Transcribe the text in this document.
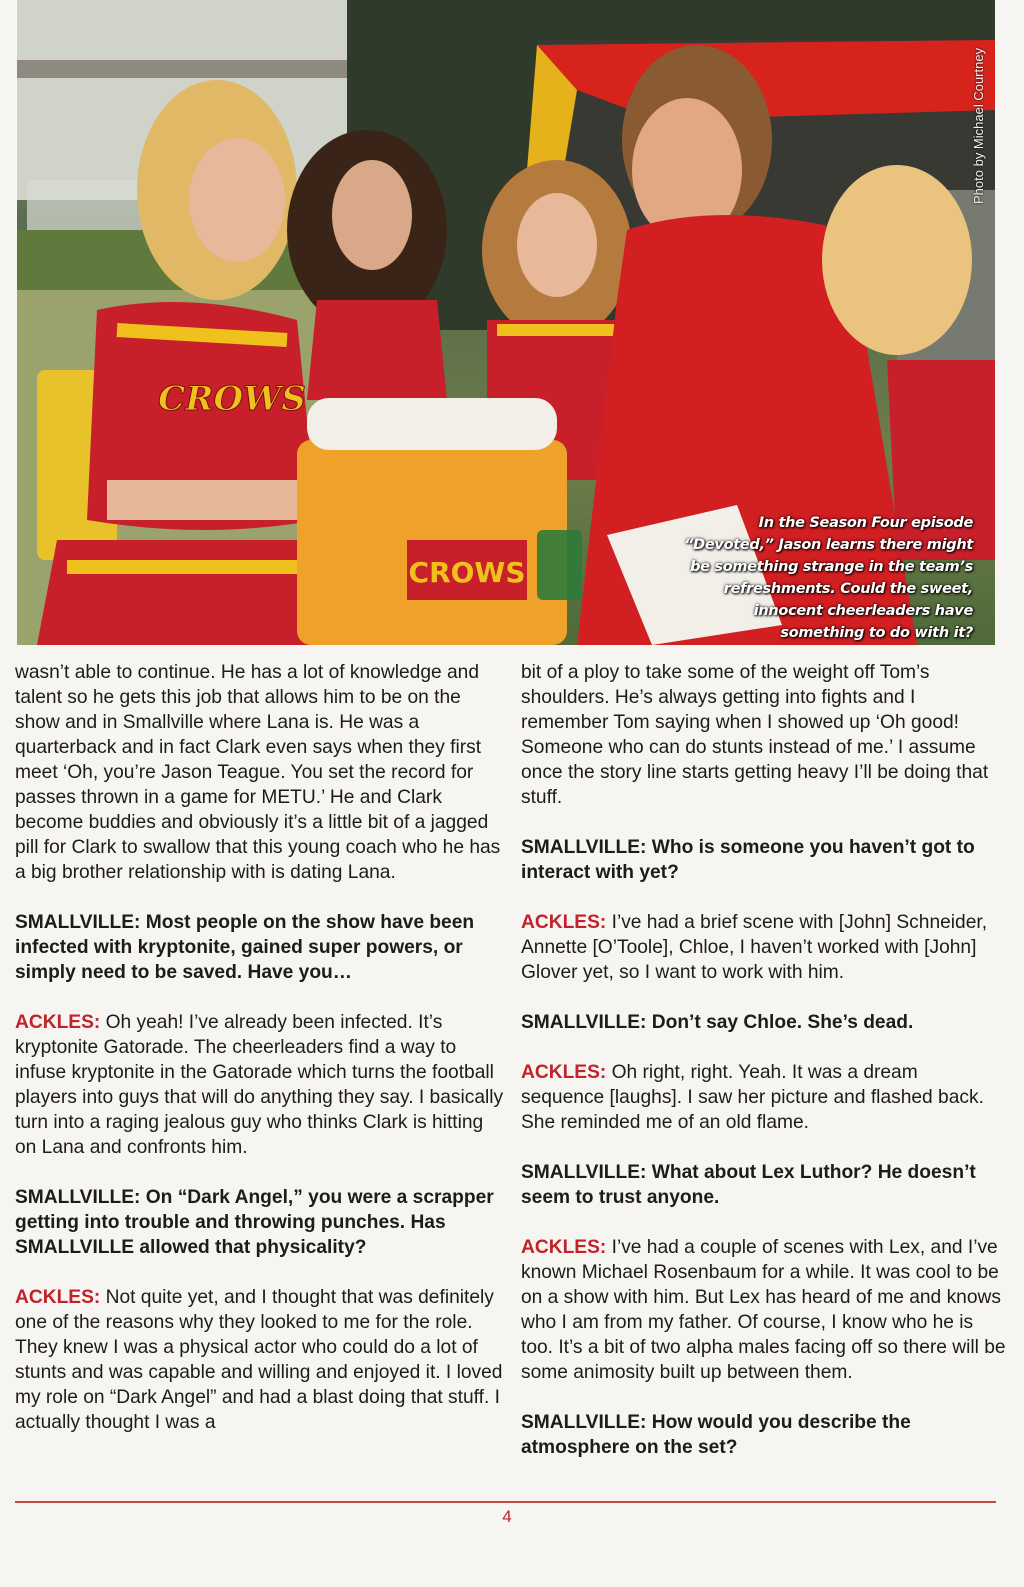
CROWS
CROWS
Photo by Michael Courtney
In the Season Four episode “Devoted,” Jason learns there might be something strange in the team’s refreshments. Could the sweet, innocent cheerleaders have something to do with it?

wasn’t able to continue. He has a lot of knowledge and talent so he gets this job that allows him to be on the show and in Smallville where Lana is. He was a quarterback and in fact Clark even says when they first meet ‘Oh, you’re Jason Teague. You set the record for passes thrown in a game for METU.’ He and Clark become buddies and obviously it’s a little bit of a jagged pill for Clark to swallow that this young coach who he has a big brother relationship with is dating Lana.

SMALLVILLE: Most people on the show have been infected with kryptonite, gained super powers, or simply need to be saved. Have you…

ACKLES: Oh yeah! I’ve already been infected. It’s kryptonite Gatorade. The cheerleaders find a way to infuse kryptonite in the Gatorade which turns the football players into guys that will do anything they say. I basically turn into a raging jealous guy who thinks Clark is hitting on Lana and confronts him.

SMALLVILLE: On “Dark Angel,” you were a scrapper getting into trouble and throwing punches. Has SMALLVILLE allowed that physicality?

ACKLES: Not quite yet, and I thought that was definitely one of the reasons why they looked to me for the role. They knew I was a physical actor who could do a lot of stunts and was capable and willing and enjoyed it. I loved my role on “Dark Angel” and had a blast doing that stuff. I actually thought I was a

bit of a ploy to take some of the weight off Tom’s shoulders. He’s always getting into fights and I remember Tom saying when I showed up ‘Oh good! Someone who can do stunts instead of me.’ I assume once the story line starts getting heavy I’ll be doing that stuff.

SMALLVILLE: Who is someone you haven’t got to interact with yet?

ACKLES: I’ve had a brief scene with [John] Schneider, Annette [O’Toole], Chloe, I haven’t worked with [John] Glover yet, so I want to work with him.

SMALLVILLE: Don’t say Chloe. She’s dead.

ACKLES: Oh right, right. Yeah. It was a dream sequence [laughs]. I saw her picture and flashed back. She reminded me of an old flame.

SMALLVILLE: What about Lex Luthor? He doesn’t seem to trust anyone.

ACKLES: I’ve had a couple of scenes with Lex, and I’ve known Michael Rosenbaum for a while. It was cool to be on a show with him. But Lex has heard of me and knows who I am from my father. Of course, I know who he is too. It’s a bit of two alpha males facing off so there will be some animosity built up between them.

SMALLVILLE: How would you describe the atmosphere on the set?

4
